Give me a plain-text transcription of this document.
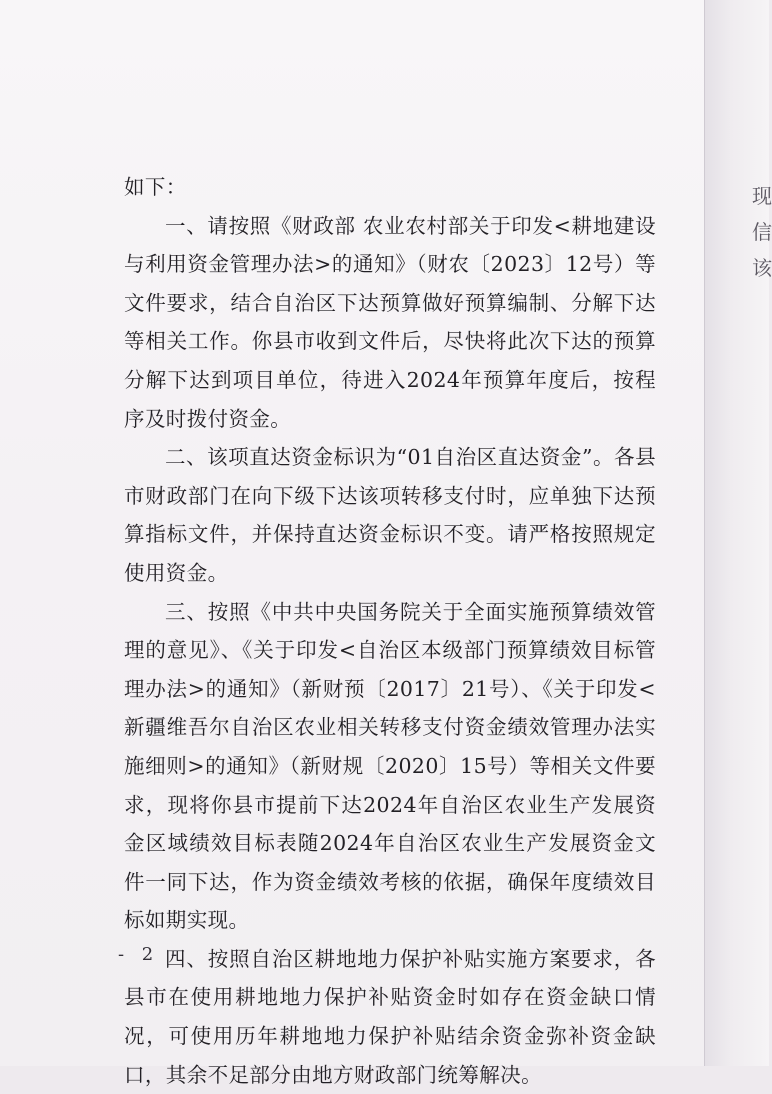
现
信
该

如下：

一、请按照《财政部 农业农村部关于印发<耕地建设与利用资金管理办法>的通知》（财农〔2023〕12号）等文件要求，结合自治区下达预算做好预算编制、分解下达等相关工作。你县市收到文件后，尽快将此次下达的预算分解下达到项目单位，待进入2024年预算年度后，按程序及时拨付资金。

二、该项直达资金标识为“01自治区直达资金”。各县市财政部门在向下级下达该项转移支付时，应单独下达预算指标文件，并保持直达资金标识不变。请严格按照规定使用资金。

三、按照《中共中央国务院关于全面实施预算绩效管理的意见》、《关于印发<自治区本级部门预算绩效目标管理办法>的通知》（新财预〔2017〕21号）、《关于印发<新疆维吾尔自治区农业相关转移支付资金绩效管理办法实施细则>的通知》（新财规〔2020〕15号）等相关文件要求，现将你县市提前下达2024年自治区农业生产发展资金区域绩效目标表随2024年自治区农业生产发展资金文件一同下达，作为资金绩效考核的依据，确保年度绩效目标如期实现。

四、按照自治区耕地地力保护补贴实施方案要求，各县市在使用耕地地力保护补贴资金时如存在资金缺口情况，可使用历年耕地地力保护补贴结余资金弥补资金缺口，其余不足部分由地方财政部门统筹解决。

- 2 -
